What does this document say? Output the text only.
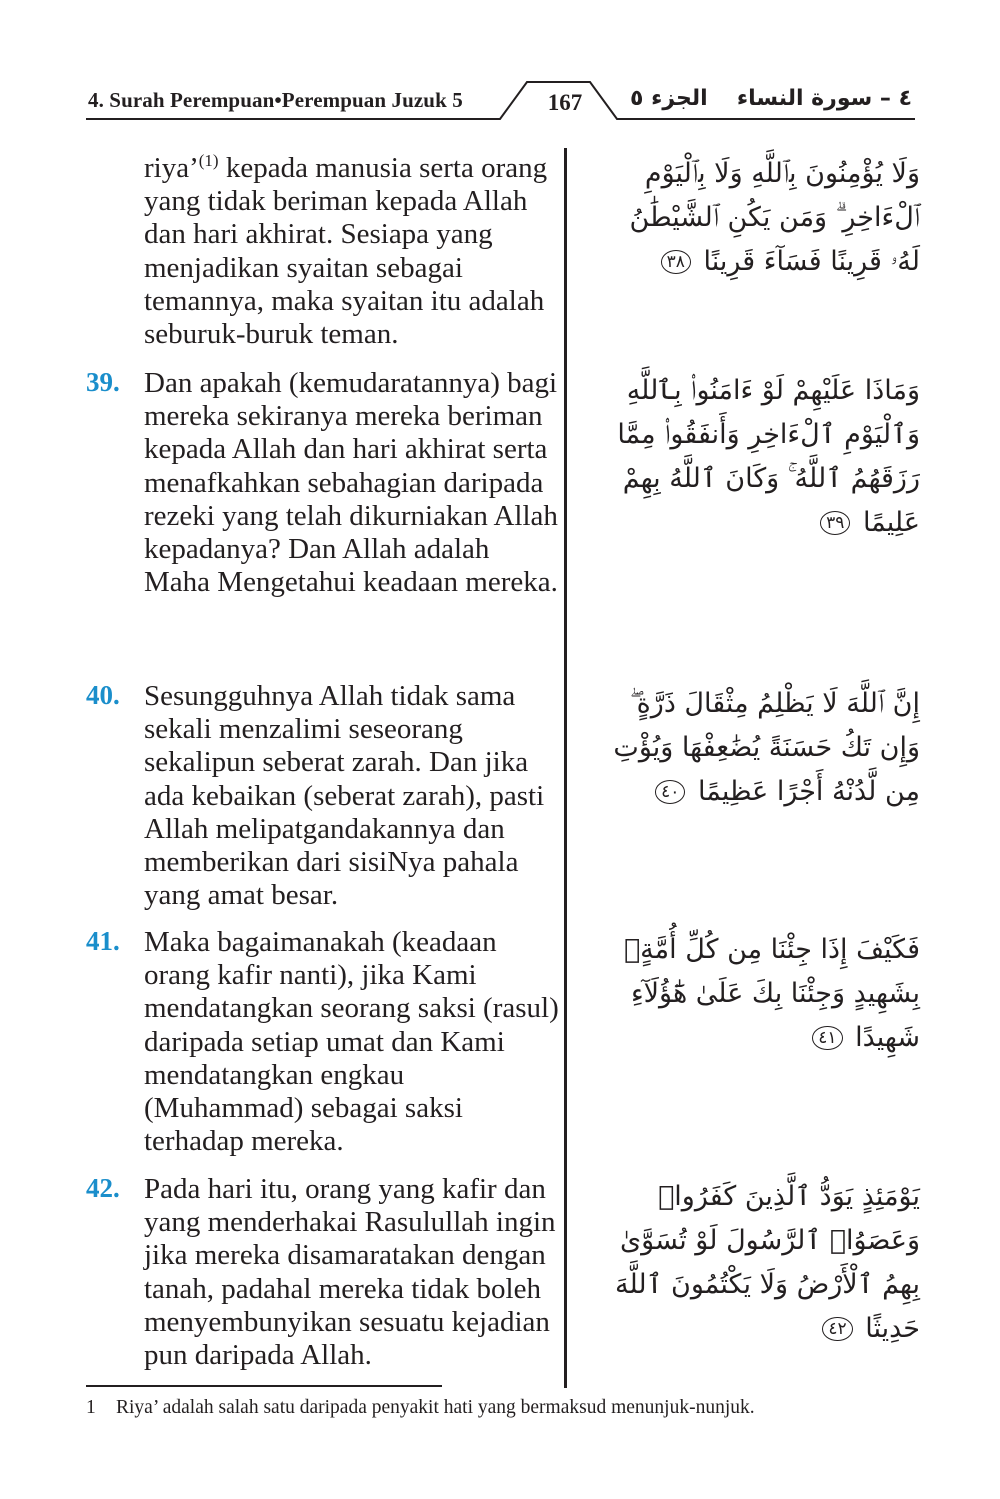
4. Surah Perempuan•Perempuan Juzuk 5	167	الجزء ٥ ٤ – سورة النساء
riya’$^{(1)}$ kepada manusia serta orang yang tidak beriman kepada Allah dan hari akhirat. Sesiapa yang menjadikan syaitan sebagai temannya, maka syaitan itu adalah seburuk-buruk teman.
وَلَا يُؤْمِنُونَ بِٱللَّهِ وَلَا بِٱلْيَوْمِ ٱلْءَاخِرِ ۗ وَمَن يَكُنِ ٱلشَّيْطَٰنُ لَهُۥ قَرِينًا فَسَآءَ قَرِينًا ٣٨
39. Dan apakah (kemudaratannya) bagi mereka sekiranya mereka beriman kepada Allah dan hari akhirat serta menafkahkan sebahagian daripada rezeki yang telah dikurniakan Allah kepadanya? Dan Allah adalah Maha Mengetahui keadaan mereka.
وَمَاذَا عَلَيْهِمْ لَوْ ءَامَنُوا۟ بِٱللَّهِ وَٱلْيَوْمِ ٱلْءَاخِرِ وَأَنفَقُوا۟ مِمَّا رَزَقَهُمُ ٱللَّهُ ۚ وَكَانَ ٱللَّهُ بِهِمْ عَلِيمًا ٣٩
40. Sesungguhnya Allah tidak sama sekali menzalimi seseorang sekalipun seberat zarah. Dan jika ada kebaikan (seberat zarah), pasti Allah melipatgandakannya dan memberikan dari sisiNya pahala yang amat besar.
إِنَّ ٱللَّهَ لَا يَظْلِمُ مِثْقَالَ ذَرَّةٍ ۖ وَإِن تَكُ حَسَنَةً يُضَٰعِفْهَا وَيُؤْتِ مِن لَّدُنْهُ أَجْرًا عَظِيمًا ٤٠
41. Maka bagaimanakah (keadaan orang kafir nanti), jika Kami mendatangkan seorang saksi (rasul) daripada setiap umat dan Kami mendatangkan engkau (Muhammad) sebagai saksi terhadap mereka.
فَكَيْفَ إِذَا جِئْنَا مِن كُلِّ أُمَّةٍۢ بِشَهِيدٍ وَجِئْنَا بِكَ عَلَىٰ هَٰٓؤُلَآءِ شَهِيدًا ٤١
42. Pada hari itu, orang yang kafir dan yang menderhakai Rasulullah ingin jika mereka disamaratakan dengan tanah, padahal mereka tidak boleh menyembunyikan sesuatu kejadian pun daripada Allah.
يَوْمَئِذٍ يَوَدُّ ٱلَّذِينَ كَفَرُوا۟ وَعَصَوُا۟ ٱلرَّسُولَ لَوْ تُسَوَّىٰ بِهِمُ ٱلْأَرْضُ وَلَا يَكْتُمُونَ ٱللَّهَ حَدِيثًا ٤٢
1 Riya’ adalah salah satu daripada penyakit hati yang bermaksud menunjuk-nunjuk.
